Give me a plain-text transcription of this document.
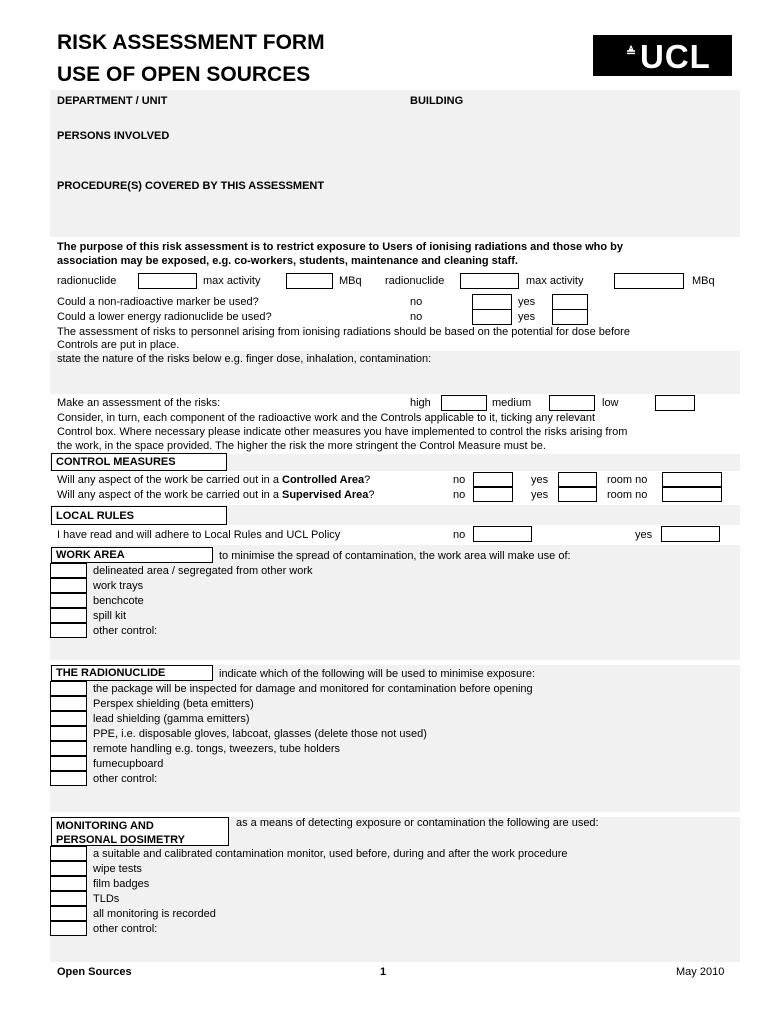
RISK ASSESSMENT FORM
USE OF OPEN SOURCES
≜ UCL
DEPARTMENT / UNIT	BUILDING
PERSONS INVOLVED
PROCEDURE(S) COVERED BY THIS ASSESSMENT
The purpose of this risk assessment is to restrict exposure to Users of ionising radiations and those who by
association may be exposed, e.g. co-workers, students, maintenance and cleaning staff.
radionuclide	max activity	MBq radionuclide	max activity	MBq
Could a non-radioactive marker be used?	no	yes
Could a lower energy radionuclide be used?	no	yes
The assessment of risks to personnel arising from ionising radiations should be based on the potential for dose before
Controls are put in place.
state the nature of the risks below e.g. finger dose, inhalation, contamination:
Make an assessment of the risks:	high	medium	low
Consider, in turn, each component of the radioactive work and the Controls applicable to it, ticking any relevant
Control box. Where necessary please indicate other measures you have implemented to control the risks arising from
the work, in the space provided. The higher the risk the more stringent the Control Measure must be.
CONTROL MEASURES
Will any aspect of the work be carried out in a Controlled Area?	no	yes	room no
Will any aspect of the work be carried out in a Supervised Area?	no	yes	room no
LOCAL RULES
I have read and will adhere to Local Rules and UCL Policy	no	yes
WORK AREA	to minimise the spread of contamination, the work area will make use of:
delineated area / segregated from other work
work trays
benchcote
spill kit
other control:
THE RADIONUCLIDE	indicate which of the following will be used to minimise exposure:
the package will be inspected for damage and monitored for contamination before opening
Perspex shielding (beta emitters)
lead shielding (gamma emitters)
PPE, i.e. disposable gloves, labcoat, glasses (delete those not used)
remote handling e.g. tongs, tweezers, tube holders
fumecupboard
other control:
MONITORING AND
PERSONAL DOSIMETRY
as a means of detecting exposure or contamination the following are used:
a suitable and calibrated contamination monitor, used before, during and after the work procedure
wipe tests
film badges
TLDs
all monitoring is recorded
other control:
Open Sources	1	May 2010
